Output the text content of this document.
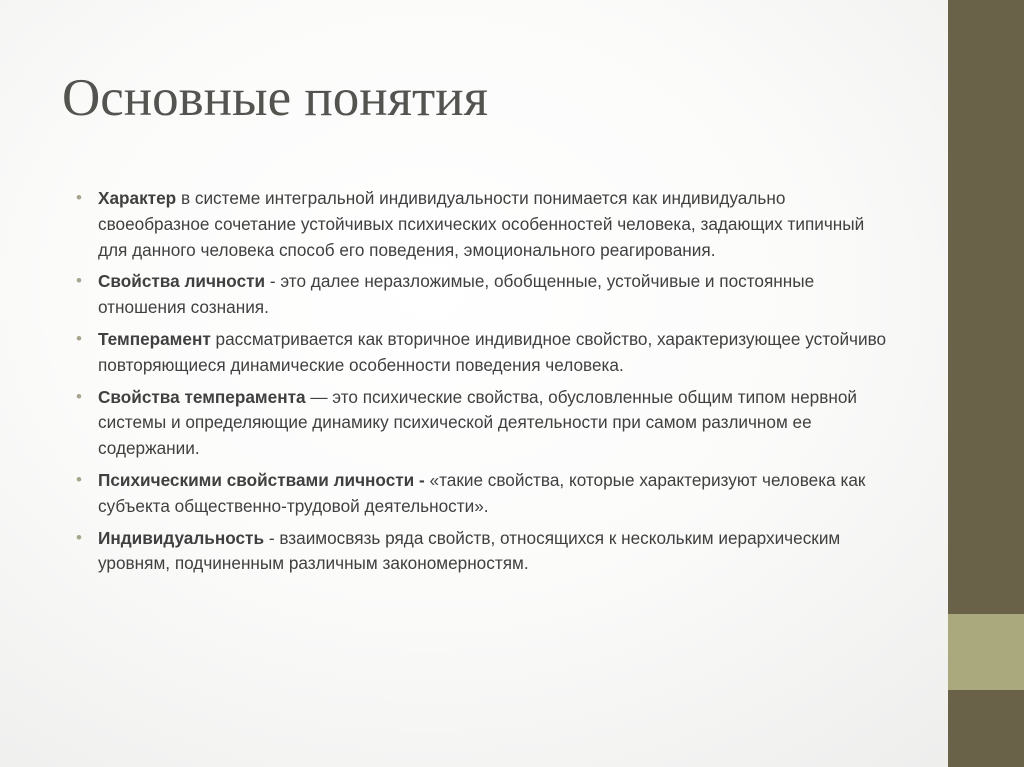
Основные понятия
• Характер в системе интегральной индивидуальности понимается как индивидуально своеобразное сочетание устойчивых психических особенностей человека, задающих типичный для данного человека способ его поведения, эмоционального реагирования.
• Свойства личности - это далее неразложимые, обобщенные, устойчивые и постоянные отношения сознания.
• Темперамент рассматривается как вторичное индивидное свойство, характеризующее устойчиво повторяющиеся динамические особенности поведения человека.
• Свойства темперамента — это психические свойства, обусловленные общим типом нервной системы и определяющие динамику психической деятельности при самом различном ее содержании.
• Психическими свойствами личности - «такие свойства, которые характеризуют человека как субъекта общественно-трудовой деятельности».
• Индивидуальность - взаимосвязь ряда свойств, относящихся к нескольким иерархическим уровням, подчиненным различным закономерностям.
